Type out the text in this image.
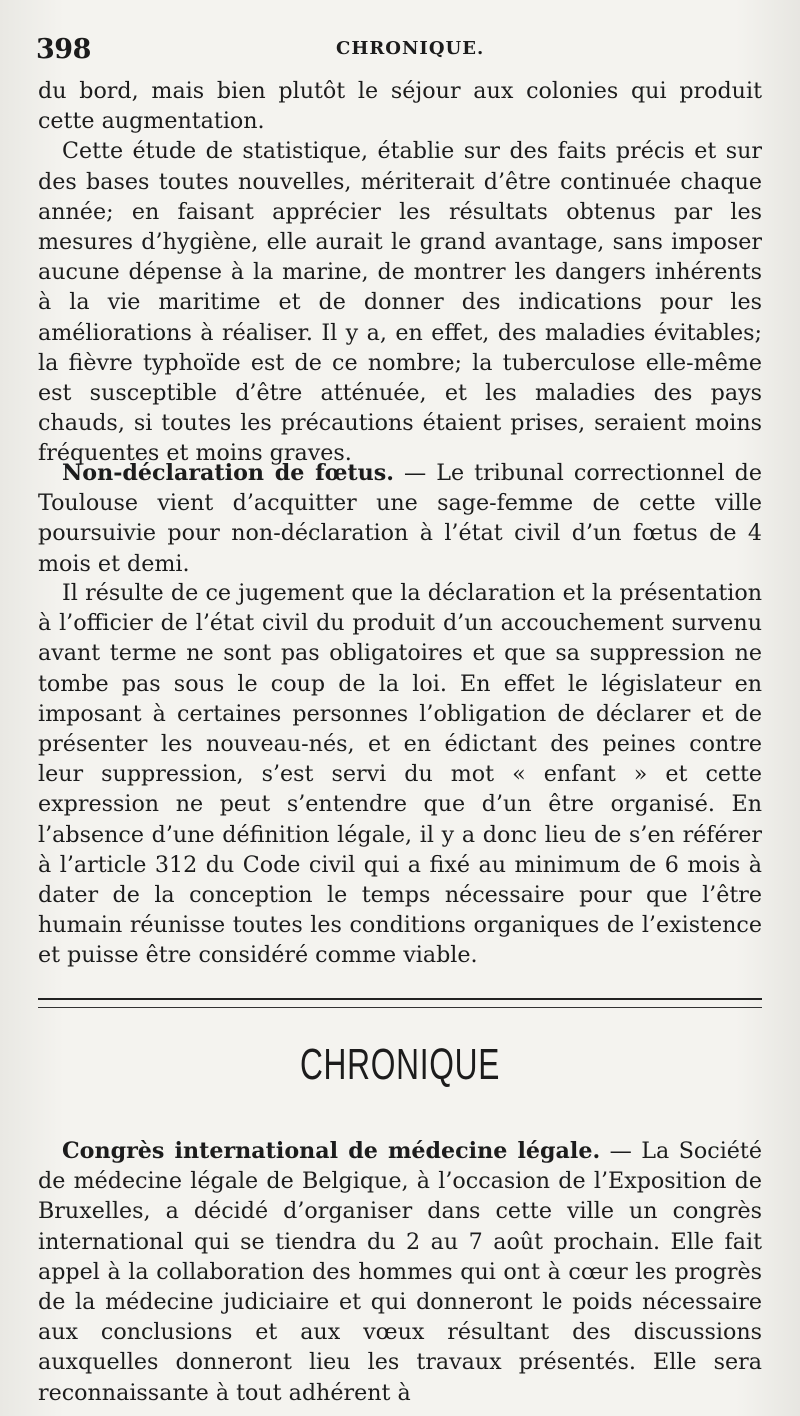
398	CHRONIQUE.

du bord, mais bien plutôt le séjour aux colonies qui produit cette augmentation.

Cette étude de statistique, établie sur des faits précis et sur des bases toutes nouvelles, mériterait d’être continuée chaque année; en faisant apprécier les résultats obtenus par les mesures d’hygiène, elle aurait le grand avantage, sans imposer aucune dépense à la marine, de montrer les dangers inhérents à la vie maritime et de donner des indications pour les améliorations à réaliser. Il y a, en effet, des maladies évitables; la fièvre typhoïde est de ce nombre; la tuberculose elle-même est susceptible d’être atténuée, et les maladies des pays chauds, si toutes les précautions étaient prises, seraient moins fréquentes et moins graves.

Non-déclaration de fœtus. — Le tribunal correctionnel de Toulouse vient d’acquitter une sage-femme de cette ville poursuivie pour non-déclaration à l’état civil d’un fœtus de 4 mois et demi.

Il résulte de ce jugement que la déclaration et la présentation à l’officier de l’état civil du produit d’un accouchement survenu avant terme ne sont pas obligatoires et que sa suppression ne tombe pas sous le coup de la loi. En effet le législateur en imposant à certaines personnes l’obligation de déclarer et de présenter les nouveau-nés, et en édictant des peines contre leur suppression, s’est servi du mot « enfant » et cette expression ne peut s’entendre que d’un être organisé. En l’absence d’une définition légale, il y a donc lieu de s’en référer à l’article 312 du Code civil qui a fixé au minimum de 6 mois à dater de la conception le temps nécessaire pour que l’être humain réunisse toutes les conditions organiques de l’existence et puisse être considéré comme viable.

CHRONIQUE

Congrès international de médecine légale. — La Société de médecine légale de Belgique, à l’occasion de l’Exposition de Bruxelles, a décidé d’organiser dans cette ville un congrès international qui se tiendra du 2 au 7 août prochain. Elle fait appel à la collaboration des hommes qui ont à cœur les progrès de la médecine judiciaire et qui donneront le poids nécessaire aux conclusions et aux vœux résultant des discussions auxquelles donneront lieu les travaux présentés. Elle sera reconnaissante à tout adhérent à
